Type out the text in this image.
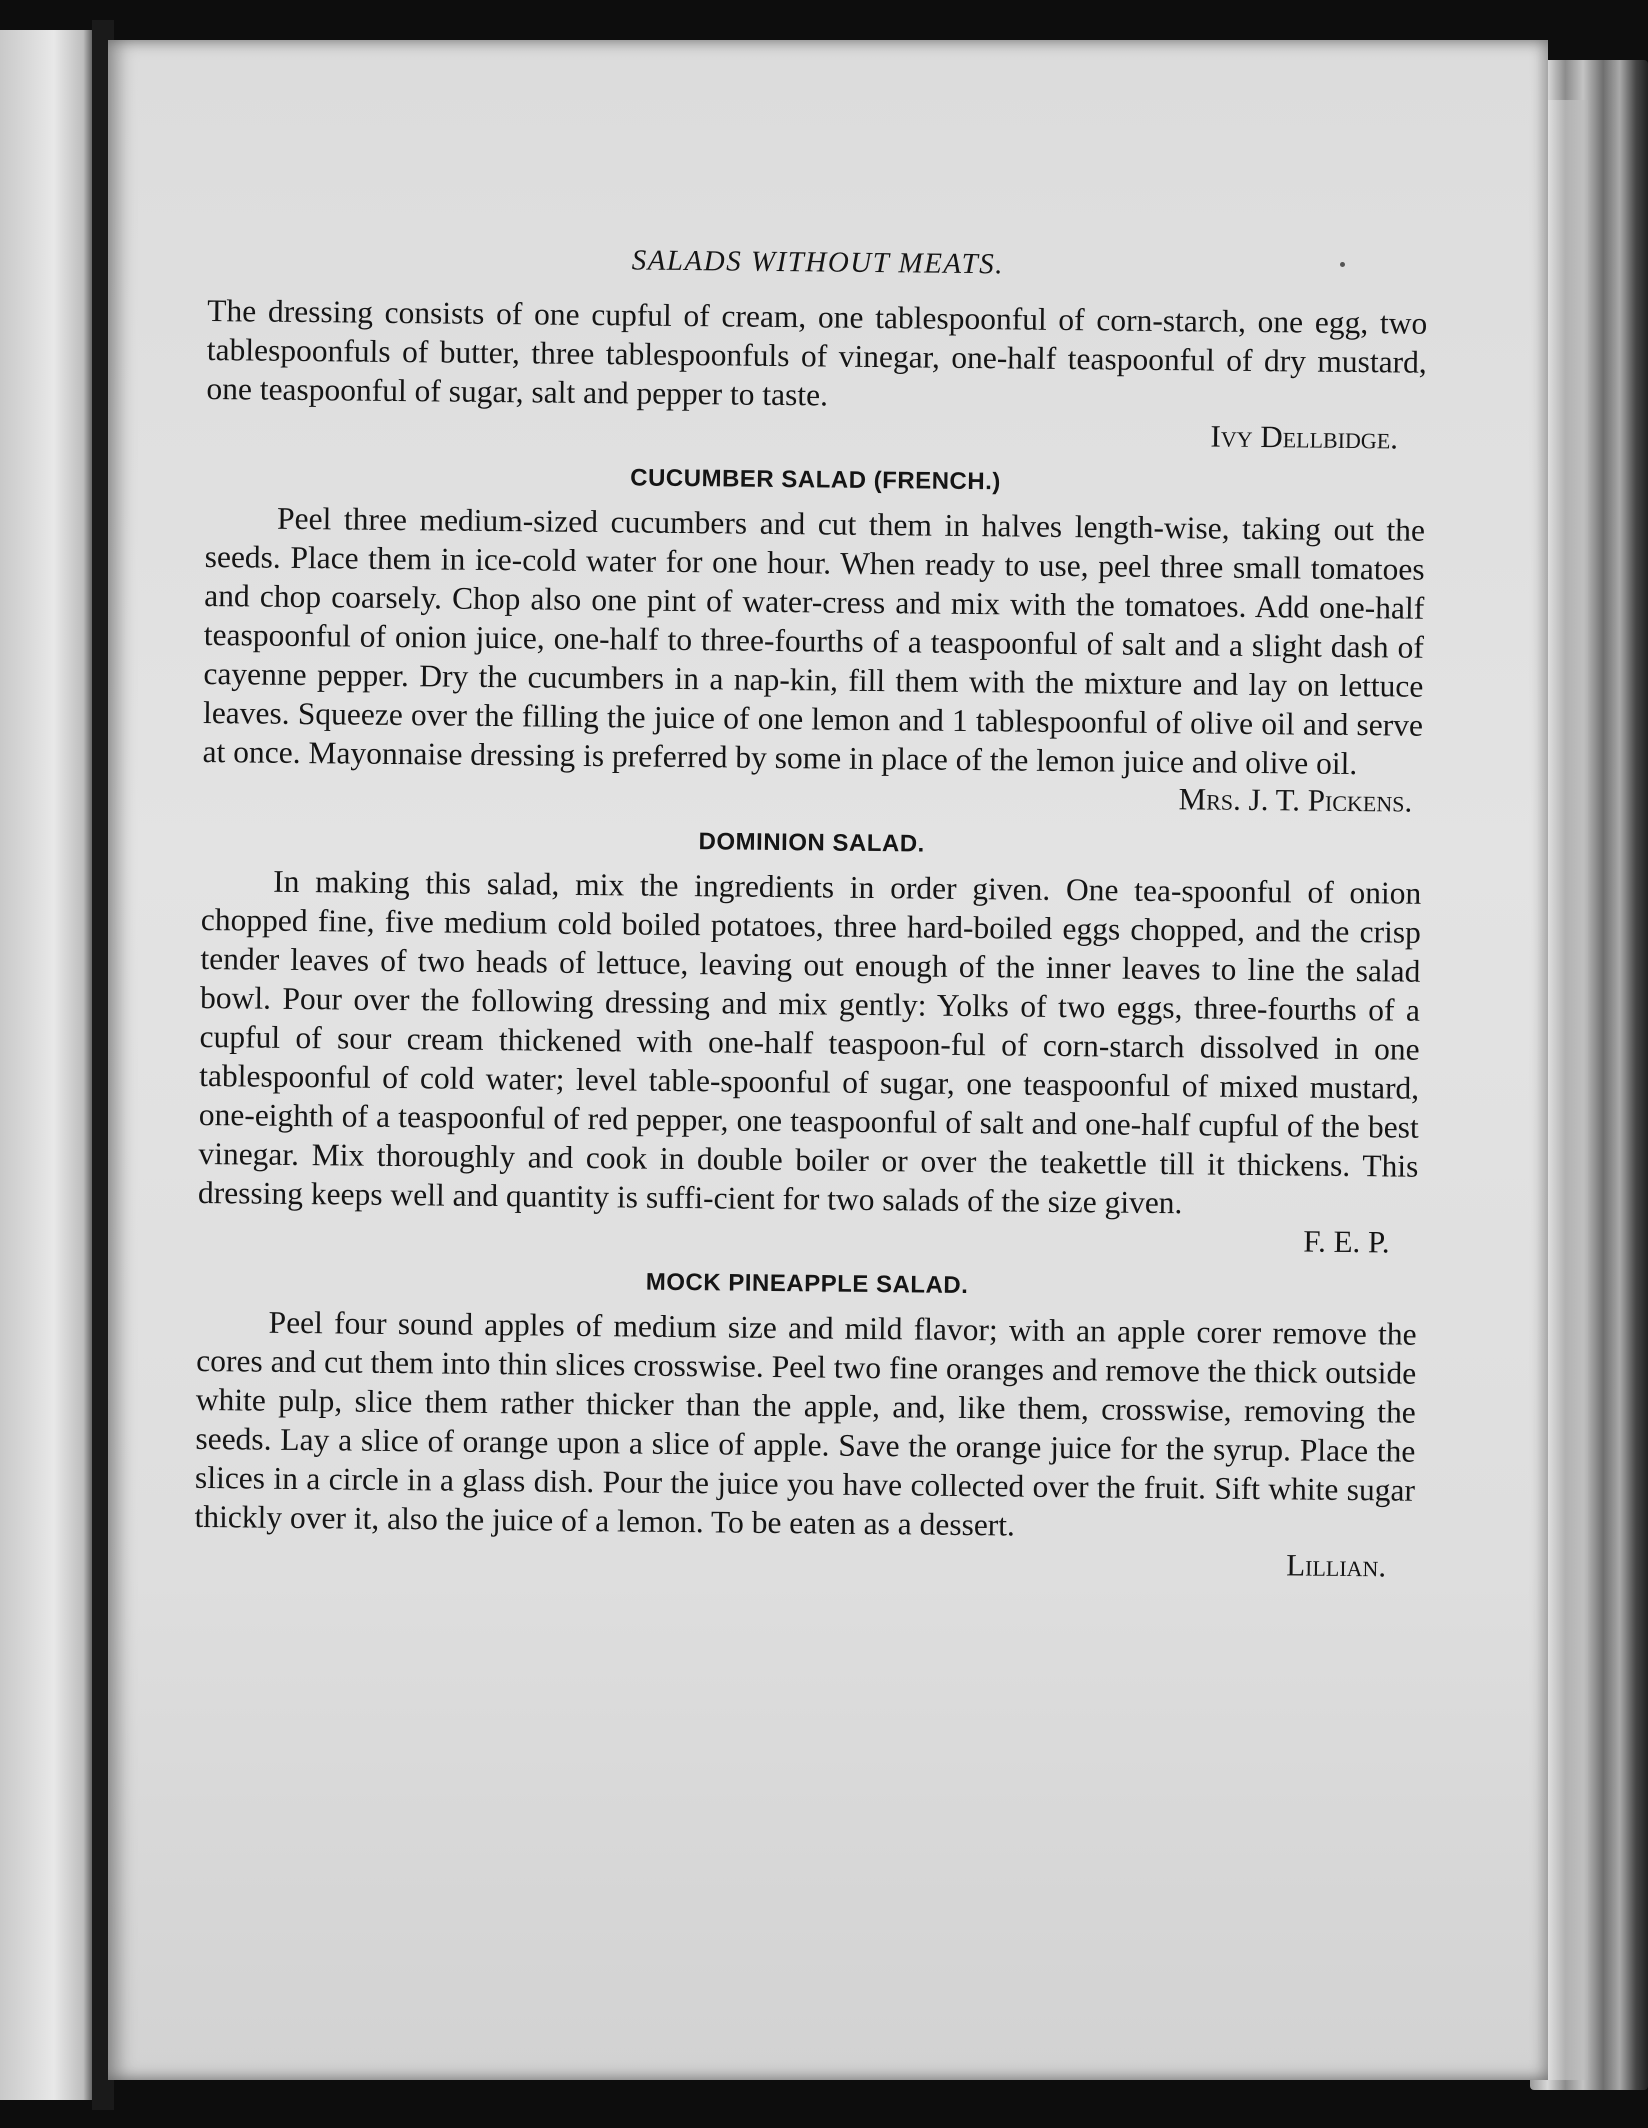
SALADS WITHOUT MEATS.

The dressing consists of one cupful of cream, one tablespoonful of corn-starch, one egg, two tablespoonfuls of butter, three tablespoonfuls of vinegar, one-half teaspoonful of dry mustard, one teaspoonful of sugar, salt and pepper to taste.

Ivy Dellbidge.
CUCUMBER SALAD (FRENCH.)

Peel three medium-sized cucumbers and cut them in halves length-wise, taking out the seeds. Place them in ice-cold water for one hour. When ready to use, peel three small tomatoes and chop coarsely. Chop also one pint of water-cress and mix with the tomatoes. Add one-half teaspoonful of onion juice, one-half to three-fourths of a teaspoonful of salt and a slight dash of cayenne pepper. Dry the cucumbers in a nap-kin, fill them with the mixture and lay on lettuce leaves. Squeeze over the filling the juice of one lemon and 1 tablespoonful of olive oil and serve at once. Mayonnaise dressing is preferred by some in place of the lemon juice and olive oil.

Mrs. J. T. Pickens.
DOMINION SALAD.

In making this salad, mix the ingredients in order given. One tea-spoonful of onion chopped fine, five medium cold boiled potatoes, three hard-boiled eggs chopped, and the crisp tender leaves of two heads of lettuce, leaving out enough of the inner leaves to line the salad bowl. Pour over the following dressing and mix gently: Yolks of two eggs, three-fourths of a cupful of sour cream thickened with one-half teaspoon-ful of corn-starch dissolved in one tablespoonful of cold water; level table-spoonful of sugar, one teaspoonful of mixed mustard, one-eighth of a teaspoonful of red pepper, one teaspoonful of salt and one-half cupful of the best vinegar. Mix thoroughly and cook in double boiler or over the teakettle till it thickens. This dressing keeps well and quantity is suffi-cient for two salads of the size given.

F. E. P.
MOCK PINEAPPLE SALAD.

Peel four sound apples of medium size and mild flavor; with an apple corer remove the cores and cut them into thin slices crosswise. Peel two fine oranges and remove the thick outside white pulp, slice them rather thicker than the apple, and, like them, crosswise, removing the seeds. Lay a slice of orange upon a slice of apple. Save the orange juice for the syrup. Place the slices in a circle in a glass dish. Pour the juice you have collected over the fruit. Sift white sugar thickly over it, also the juice of a lemon. To be eaten as a dessert.

Lillian.
